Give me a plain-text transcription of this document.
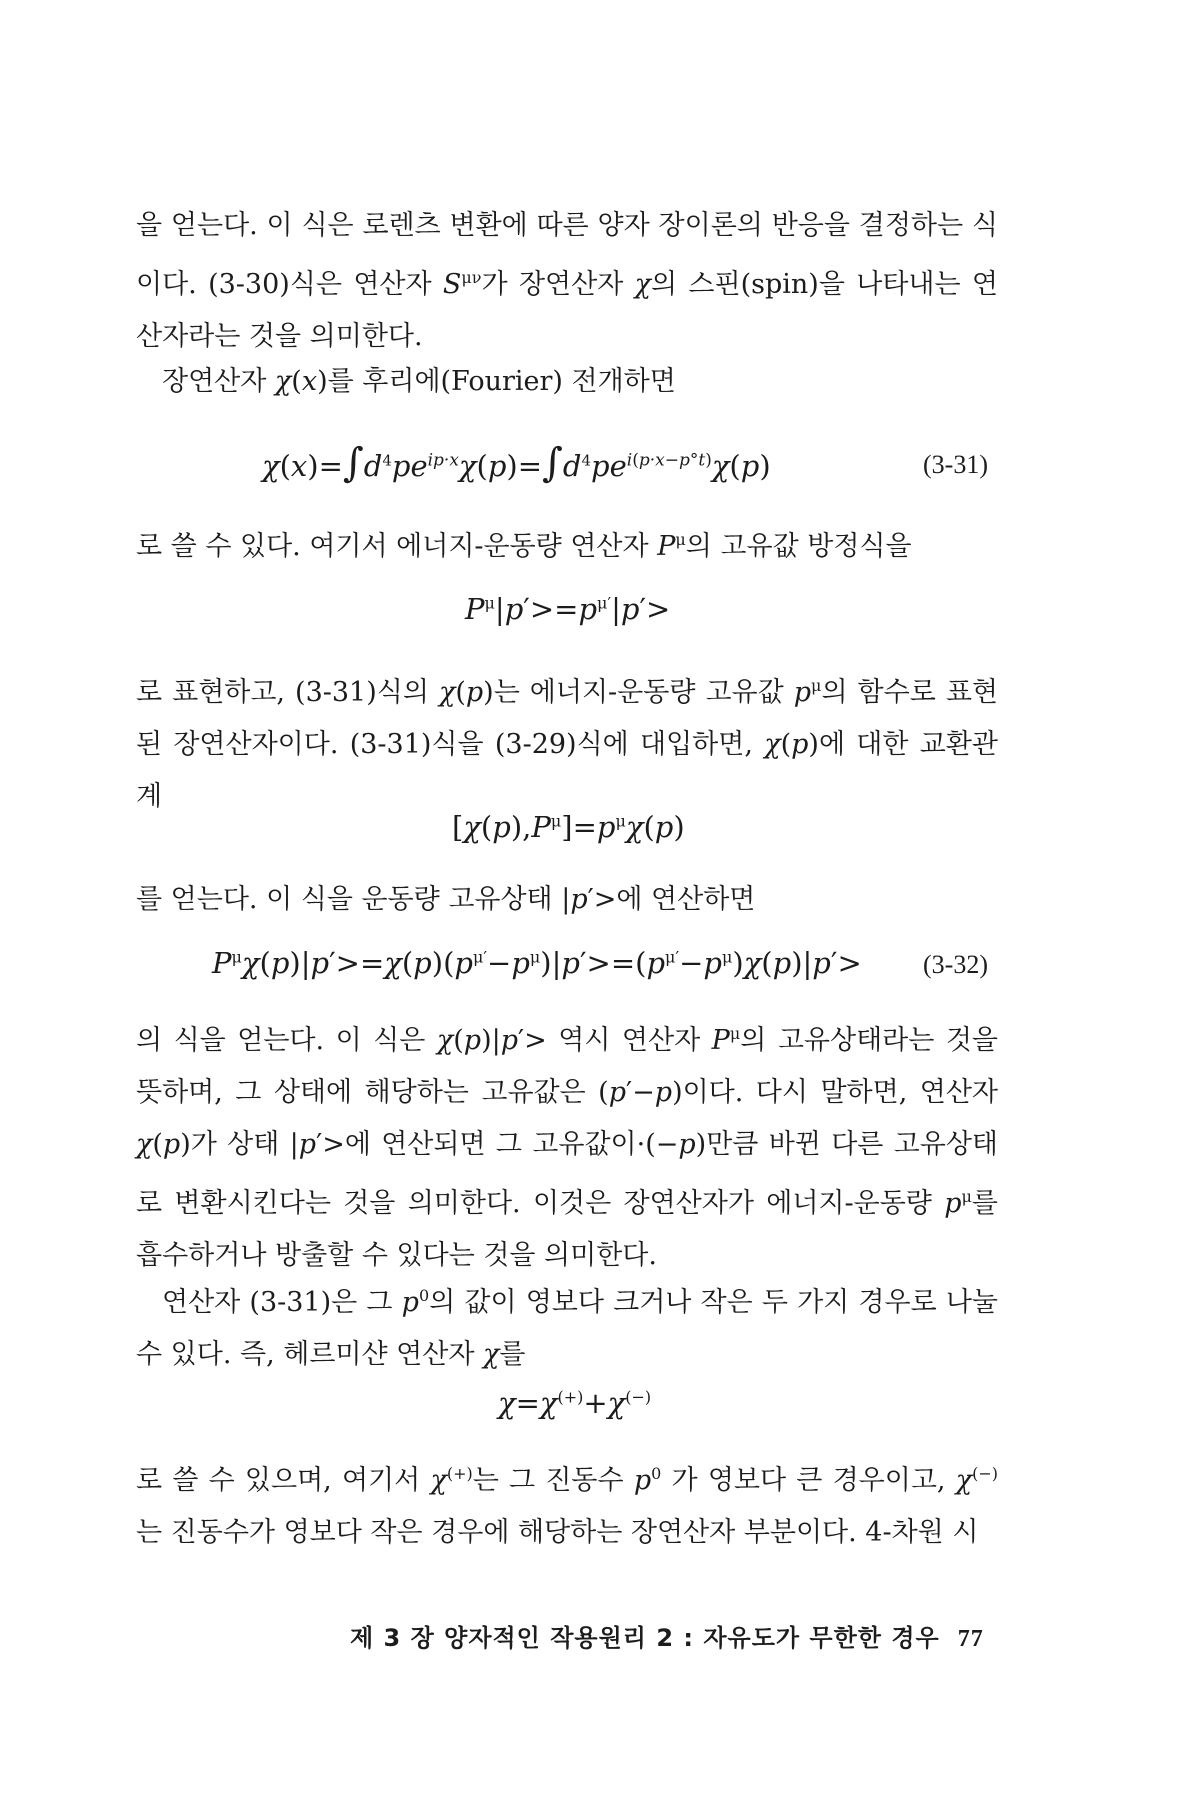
을 얻는다. 이 식은 로렌츠 변환에 따른 양자 장이론의 반응을 결정하는 식이다. (3-30)식은 연산자 $S^{\mu\nu}$가 장연산자 χ의 스핀(spin)을 나타내는 연산자라는 것을 의미한다.

장연산자 χ(x)를 후리에(Fourier) 전개하면

$\chi(x)=\int d^4pe^{ip\cdot x}\chi(p)=\int d^4pe^{i(p\cdot x-p^\circ t)}\chi(p)$	(3-31)

로 쓸 수 있다. 여기서 에너지-운동량 연산자 $P^\mu$의 고유값 방정식을

$P^\mu|p'>=p^{\mu'}|p'>$

로 표현하고, (3-31)식의 χ(p)는 에너지-운동량 고유값 $p^\mu$의 함수로 표현된 장연산자이다. (3-31)식을 (3-29)식에 대입하면, χ(p)에 대한 교환관계

$[\chi(p),P^\mu]=p^\mu\chi(p)$

를 얻는다. 이 식을 운동량 고유상태 |p′>에 연산하면

$P^\mu\chi(p)|p'>=\chi(p)(p^{\mu'}-p^\mu)|p'>=(p^{\mu'}-p^\mu)\chi(p)|p'> (3-32)$

의 식을 얻는다. 이 식은 χ(p)|p′> 역시 연산자 $P^\mu$의 고유상태라는 것을 뜻하며, 그 상태에 해당하는 고유값은 (p′−p)이다. 다시 말하면, 연산자 χ(p)가 상태 |p′>에 연산되면 그 고유값이·(−p)만큼 바뀐 다른 고유상태로 변환시킨다는 것을 의미한다. 이것은 장연산자가 에너지-운동량 $p^\mu$를 흡수하거나 방출할 수 있다는 것을 의미한다.

연산자 (3-31)은 그 $p^0$의 값이 영보다 크거나 작은 두 가지 경우로 나눌 수 있다. 즉, 헤르미샨 연산자 χ를

χ=χ(+)+χ(−)

로 쓸 수 있으며, 여기서 χ(+)는 그 진동수 $p^0$ 가 영보다 큰 경우이고, χ(−)는 진동수가 영보다 작은 경우에 해당하는 장연산자 부분이다. 4-차원 시

제 3 장 양자적인 작용원리 2 : 자유도가 무한한 경우 77
